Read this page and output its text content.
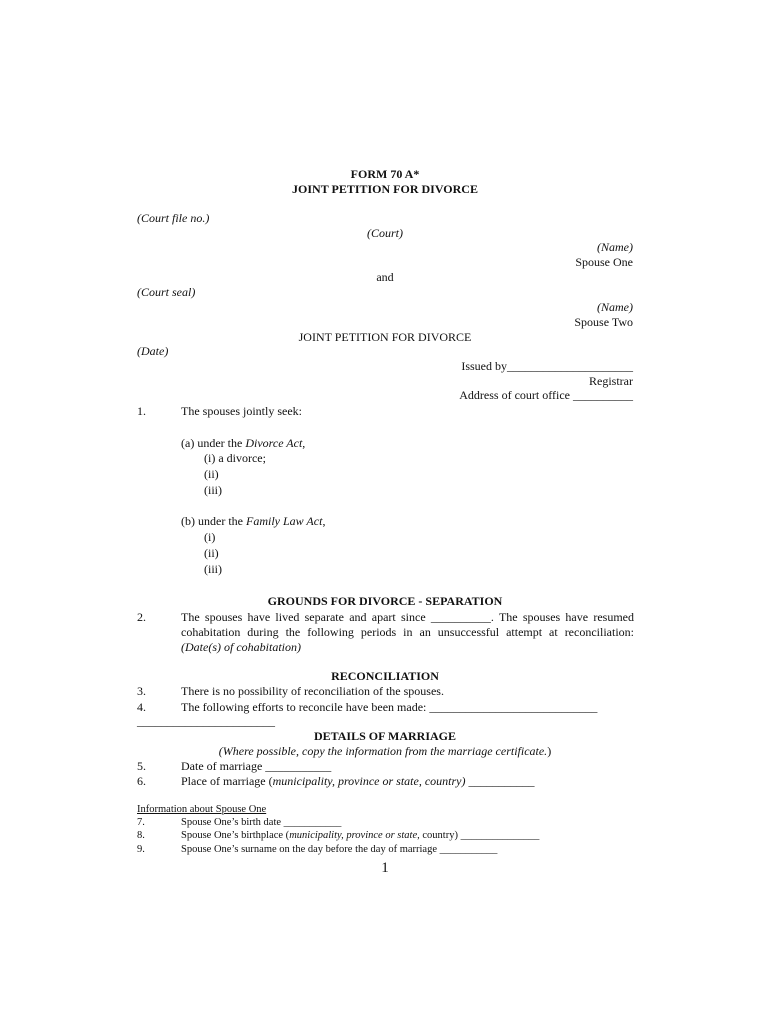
FORM 70 A*
JOINT PETITION FOR DIVORCE
(Court file no.)
(Court)
(Name)
Spouse One
and
(Court seal)
(Name)
Spouse Two
JOINT PETITION FOR DIVORCE
(Date)
Issued by_____________________
Registrar
Address of court office __________
1.	The spouses jointly seek:
(a) under the Divorce Act,
(i) a divorce;
(ii)
(iii)
(b) under the Family Law Act,
(i)
(ii)
(iii)
GROUNDS FOR DIVORCE - SEPARATION
2.	The spouses have lived separate and apart since __________. The spouses have resumed cohabitation during the following periods in an unsuccessful attempt at reconciliation: (Date(s) of cohabitation)
RECONCILIATION
3.	There is no possibility of reconciliation of the spouses.
4.	The following efforts to reconcile have been made: ____________________________
_______________________
DETAILS OF MARRIAGE
(Where possible, copy the information from the marriage certificate.)
5.	Date of marriage ___________
6.	Place of marriage (municipality, province or state, country) ___________
Information about Spouse One
7.	Spouse One’s birth date ___________
8.	Spouse One’s birthplace (municipality, province or state, country) _______________
9.	Spouse One’s surname on the day before the day of marriage ___________
1
